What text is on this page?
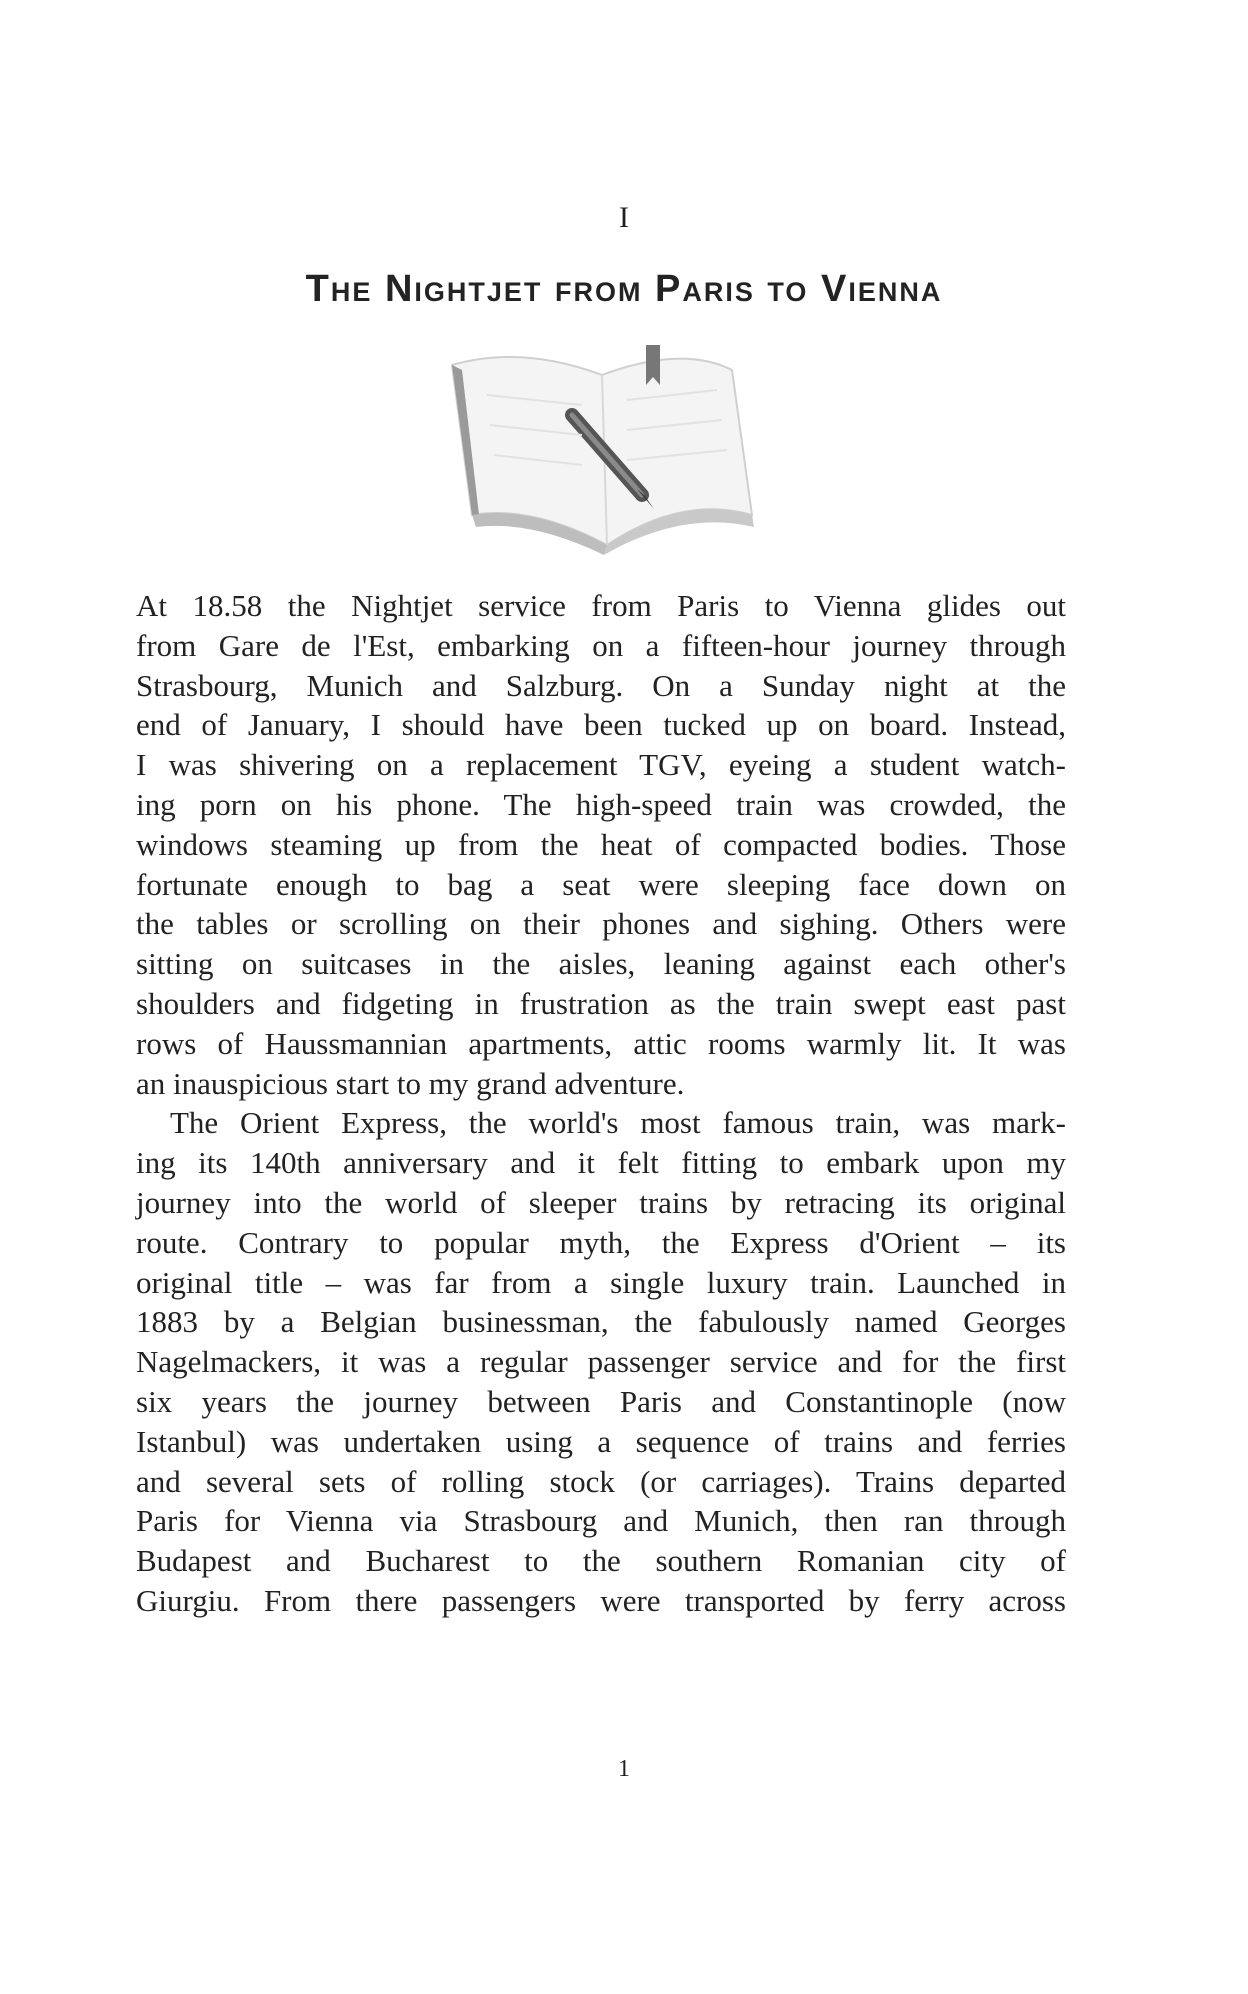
I
The Nightjet from Paris to Vienna
At 18.58 the Nightjet service from Paris to Vienna glides out
from Gare de l'Est, embarking on a fifteen-hour journey through
Strasbourg, Munich and Salzburg. On a Sunday night at the
end of January, I should have been tucked up on board. Instead,
I was shivering on a replacement TGV, eyeing a student watch-
ing porn on his phone. The high-speed train was crowded, the
windows steaming up from the heat of compacted bodies. Those
fortunate enough to bag a seat were sleeping face down on
the tables or scrolling on their phones and sighing. Others were
sitting on suitcases in the aisles, leaning against each other's
shoulders and fidgeting in frustration as the train swept east past
rows of Haussmannian apartments, attic rooms warmly lit. It was
an inauspicious start to my grand adventure.
The Orient Express, the world's most famous train, was mark-
ing its 140th anniversary and it felt fitting to embark upon my
journey into the world of sleeper trains by retracing its original
route. Contrary to popular myth, the Express d'Orient – its
original title – was far from a single luxury train. Launched in
1883 by a Belgian businessman, the fabulously named Georges
Nagelmackers, it was a regular passenger service and for the first
six years the journey between Paris and Constantinople (now
Istanbul) was undertaken using a sequence of trains and ferries
and several sets of rolling stock (or carriages). Trains departed
Paris for Vienna via Strasbourg and Munich, then ran through
Budapest and Bucharest to the southern Romanian city of
Giurgiu. From there passengers were transported by ferry across
1
